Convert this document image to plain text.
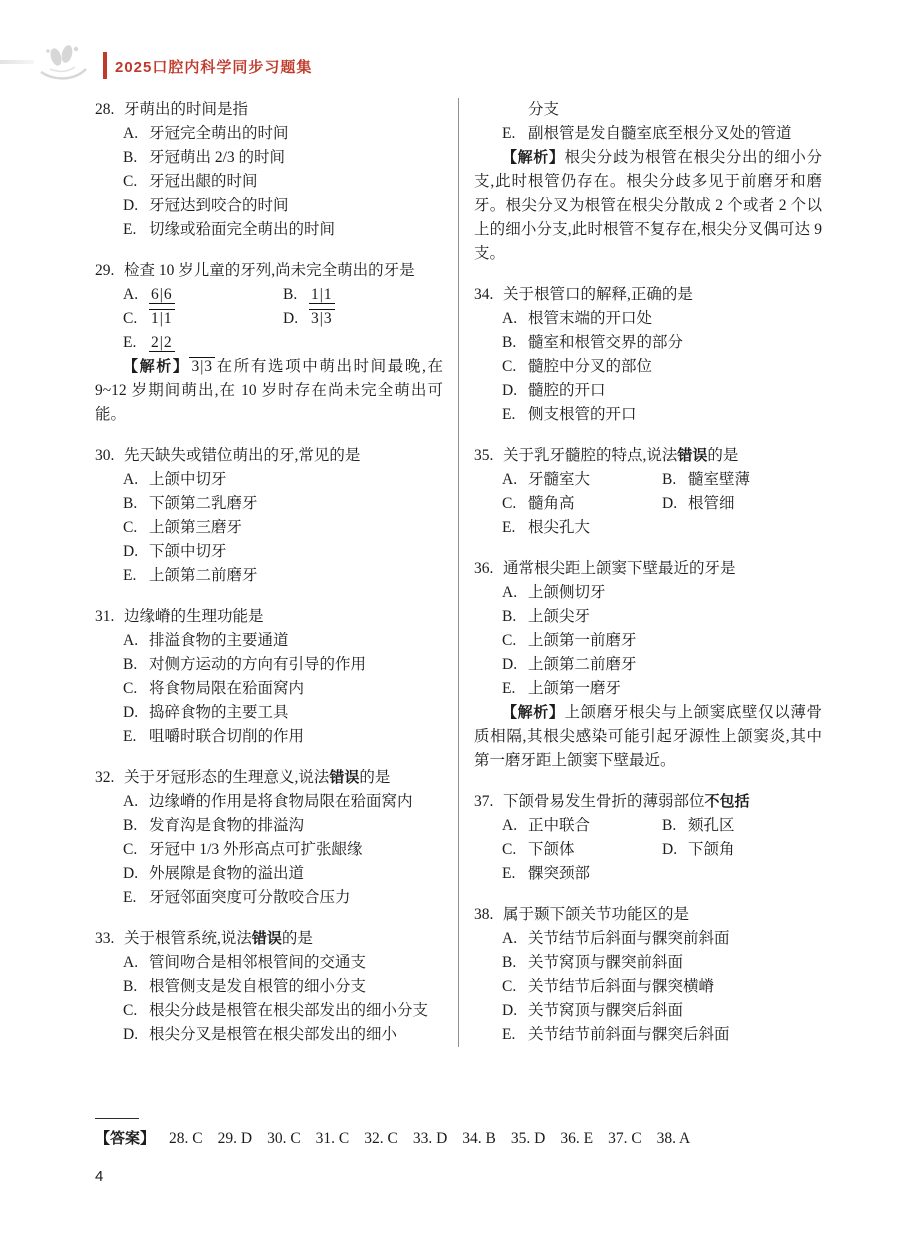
2025口腔内科学同步习题集
28. 牙萌出的时间是指
A. 牙冠完全萌出的时间
B. 牙冠萌出 2/3 的时间
C. 牙冠出龈的时间
D. 牙冠达到咬合的时间
E. 切缘或𬌗面完全萌出的时间
29. 检查 10 岁儿童的牙列,尚未完全萌出的牙是
A. 6|6	B. 1|1
C. 1|1	D. 3|3
E. 2|2
【解析】 3|3 在所有选项中萌出时间最晚,在 9~12 岁期间萌出,在 10 岁时存在尚未完全萌出可能。
30. 先天缺失或错位萌出的牙,常见的是
A. 上颌中切牙
B. 下颌第二乳磨牙
C. 上颌第三磨牙
D. 下颌中切牙
E. 上颌第二前磨牙
31. 边缘嵴的生理功能是
A. 排溢食物的主要通道
B. 对侧方运动的方向有引导的作用
C. 将食物局限在𬌗面窝内
D. 捣碎食物的主要工具
E. 咀嚼时联合切削的作用
32. 关于牙冠形态的生理意义,说法错误的是
A. 边缘嵴的作用是将食物局限在𬌗面窝内
B. 发育沟是食物的排溢沟
C. 牙冠中 1/3 外形高点可扩张龈缘
D. 外展隙是食物的溢出道
E. 牙冠邻面突度可分散咬合压力
33. 关于根管系统,说法错误的是
A. 管间吻合是相邻根管间的交通支
B. 根管侧支是发自根管的细小分支
C. 根尖分歧是根管在根尖部发出的细小分支
D. 根尖分叉是根管在根尖部发出的细小
分支
E. 副根管是发自髓室底至根分叉处的管道
【解析】根尖分歧为根管在根尖分出的细小分支,此时根管仍存在。根尖分歧多见于前磨牙和磨牙。根尖分叉为根管在根尖分散成 2 个或者 2 个以上的细小分支,此时根管不复存在,根尖分叉偶可达 9 支。
34. 关于根管口的解释,正确的是
A. 根管末端的开口处
B. 髓室和根管交界的部分
C. 髓腔中分叉的部位
D. 髓腔的开口
E. 侧支根管的开口
35. 关于乳牙髓腔的特点,说法错误的是
A. 牙髓室大	B. 髓室壁薄
C. 髓角高	D. 根管细
E. 根尖孔大
36. 通常根尖距上颌窦下壁最近的牙是
A. 上颌侧切牙
B. 上颌尖牙
C. 上颌第一前磨牙
D. 上颌第二前磨牙
E. 上颌第一磨牙
【解析】上颌磨牙根尖与上颌窦底壁仅以薄骨质相隔,其根尖感染可能引起牙源性上颌窦炎,其中第一磨牙距上颌窦下壁最近。
37. 下颌骨易发生骨折的薄弱部位不包括
A. 正中联合	B. 颏孔区
C. 下颌体	D. 下颌角
E. 髁突颈部
38. 属于颞下颌关节功能区的是
A. 关节结节后斜面与髁突前斜面
B. 关节窝顶与髁突前斜面
C. 关节结节后斜面与髁突横嵴
D. 关节窝顶与髁突后斜面
E. 关节结节前斜面与髁突后斜面
【答案】 28. C 29. D 30. C 31. C 32. C 33. D 34. B 35. D 36. E 37. C 38. A
4
